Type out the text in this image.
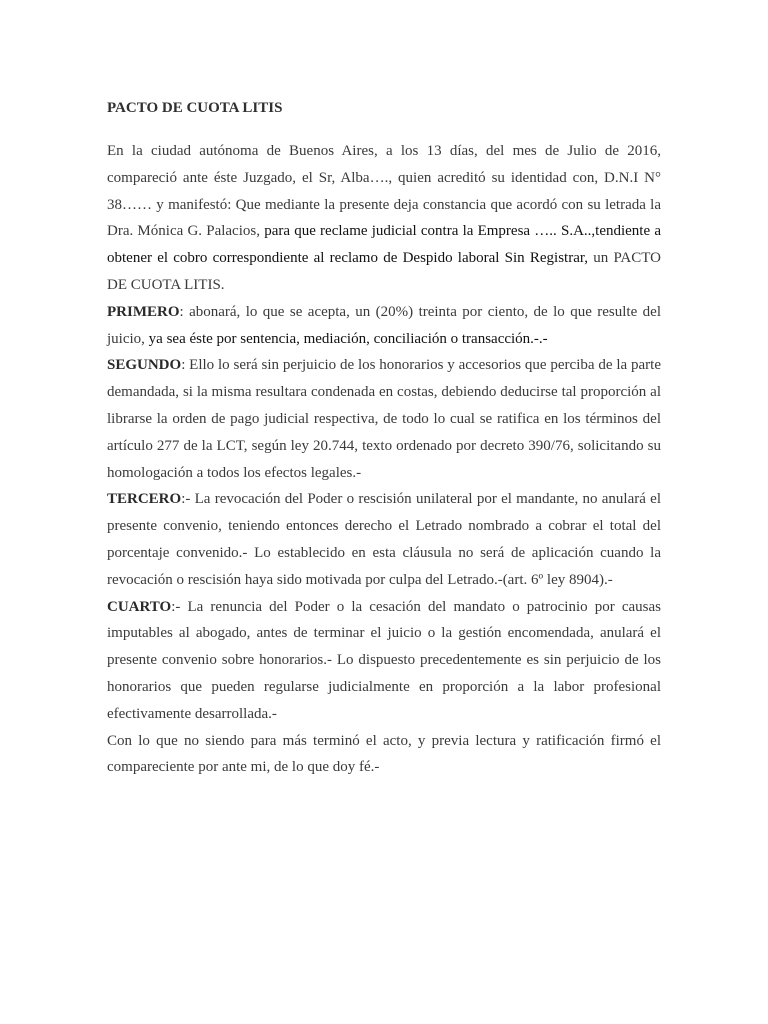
PACTO DE CUOTA LITIS

En la ciudad autónoma de Buenos Aires, a los 13 días, del mes de Julio de 2016, compareció ante éste Juzgado, el Sr, Alba…., quien acreditó su identidad con, D.N.I N° 38…… y manifestó: Que mediante la presente deja constancia que acordó con su letrada la Dra. Mónica G. Palacios, para que reclame judicial contra la Empresa ….. S.A..,tendiente a obtener el cobro correspondiente al reclamo de Despido laboral Sin Registrar, un PACTO DE CUOTA LITIS.

PRIMERO: abonará, lo que se acepta, un (20%) treinta por ciento, de lo que resulte del juicio, ya sea éste por sentencia, mediación, conciliación o transacción.-.-

SEGUNDO: Ello lo será sin perjuicio de los honorarios y accesorios que perciba de la parte demandada, si la misma resultara condenada en costas, debiendo deducirse tal proporción al librarse la orden de pago judicial respectiva, de todo lo cual se ratifica en los términos del artículo 277 de la LCT, según ley 20.744, texto ordenado por decreto 390/76, solicitando su homologación a todos los efectos legales.-

TERCERO:- La revocación del Poder o rescisión unilateral por el mandante, no anulará el presente convenio, teniendo entonces derecho el Letrado nombrado a cobrar el total del porcentaje convenido.- Lo establecido en esta cláusula no será de aplicación cuando la revocación o rescisión haya sido motivada por culpa del Letrado.-(art. 6º ley 8904).-

CUARTO:- La renuncia del Poder o la cesación del mandato o patrocinio por causas imputables al abogado, antes de terminar el juicio o la gestión encomendada, anulará el presente convenio sobre honorarios.- Lo dispuesto precedentemente es sin perjuicio de los honorarios que pueden regularse judicialmente en proporción a la labor profesional efectivamente desarrollada.-

Con lo que no siendo para más terminó el acto, y previa lectura y ratificación firmó el compareciente por ante mi, de lo que doy fé.-
